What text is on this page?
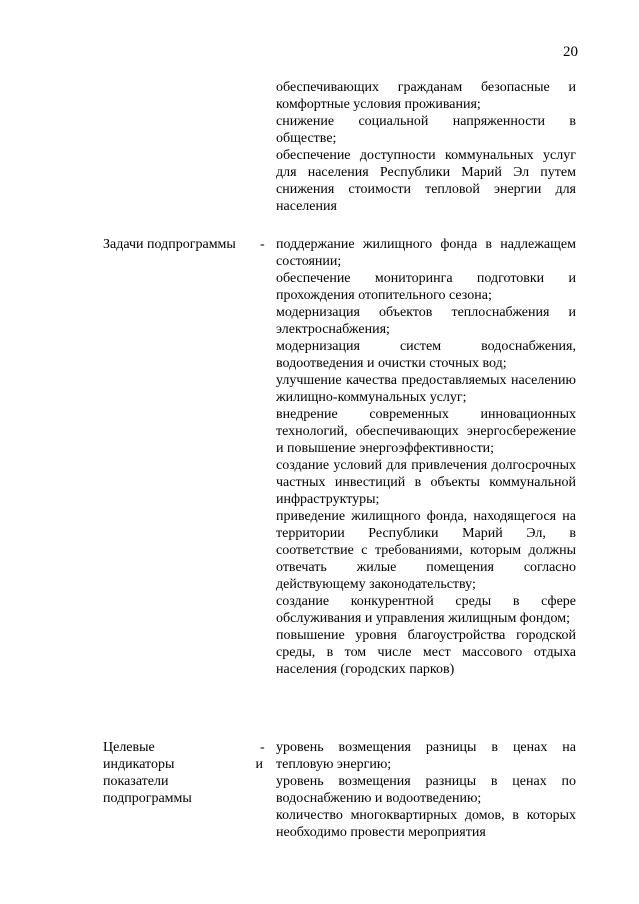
20

обеспечивающих гражданам безопасные и комфортные условия проживания;

снижение социальной напряженности в обществе;

обеспечение доступности коммунальных услуг для населения Республики Марий Эл путем снижения стоимости тепловой энергии для населения

Задачи подпрограммы	- поддержание жилищного фонда в надлежащем состоянии;

обеспечение мониторинга подготовки и прохождения отопительного сезона;

модернизация объектов теплоснабжения и электроснабжения;

модернизация систем водоснабжения, водоотведения и очистки сточных вод;

улучшение качества предоставляемых населению жилищно-коммунальных услуг;

внедрение современных инновационных технологий, обеспечивающих энергосбережение и повышение энергоэффективности;

создание условий для привлечения долгосрочных частных инвестиций в объекты коммунальной инфраструктуры;

приведение жилищного фонда, находящегося на территории Республики Марий Эл, в соответствие с требованиями, которым должны отвечать жилые помещения согласно действующему законодательству;

создание конкурентной среды в сфере обслуживания и управления жилищным фондом;

повышение уровня благоустройства городской среды, в том числе мест массового отдыха населения (городских парков)

Целевые
индикаторы и
показатели
подпрограммы
- уровень возмещения разницы в ценах на тепловую энергию;

уровень возмещения разницы в ценах по водоснабжению и водоотведению;

количество многоквартирных домов, в которых необходимо провести мероприятия
